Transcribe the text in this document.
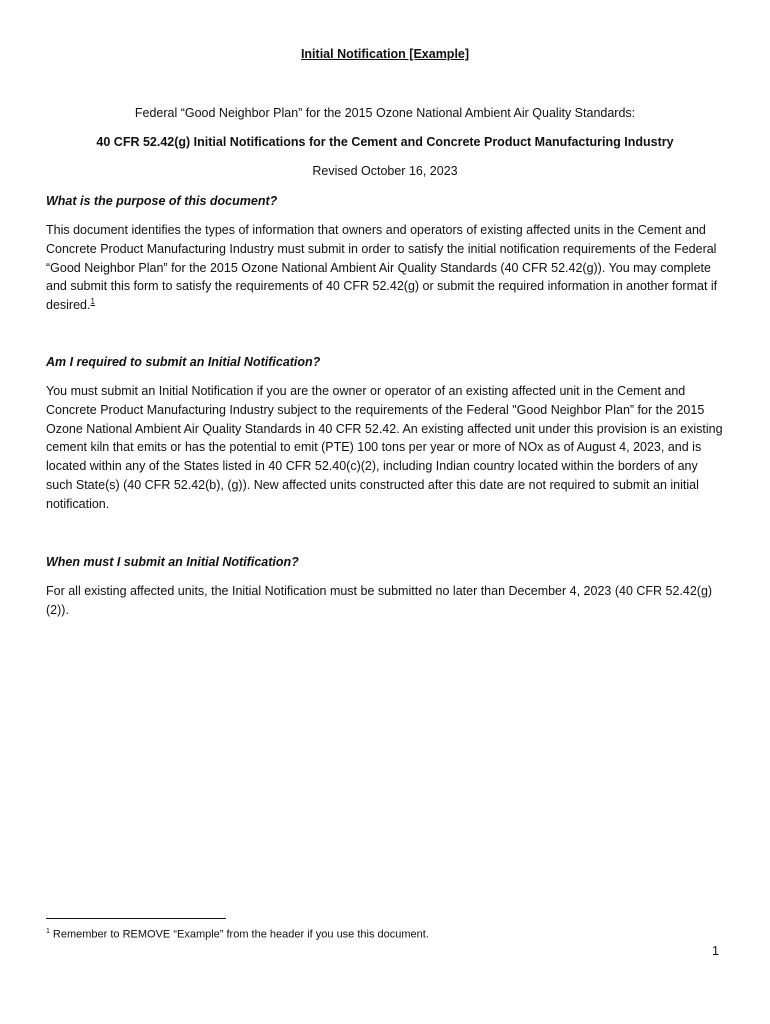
Initial Notification [Example]
Federal “Good Neighbor Plan” for the 2015 Ozone National Ambient Air Quality Standards:
40 CFR 52.42(g) Initial Notifications for the Cement and Concrete Product Manufacturing Industry
Revised October 16, 2023
What is the purpose of this document?
This document identifies the types of information that owners and operators of existing affected units in the Cement and Concrete Product Manufacturing Industry must submit in order to satisfy the initial notification requirements of the Federal “Good Neighbor Plan” for the 2015 Ozone National Ambient Air Quality Standards (40 CFR 52.42(g)). You may complete and submit this form to satisfy the requirements of 40 CFR 52.42(g) or submit the required information in another format if desired.$^1$
Am I required to submit an Initial Notification?
You must submit an Initial Notification if you are the owner or operator of an existing affected unit in the Cement and Concrete Product Manufacturing Industry subject to the requirements of the Federal "Good Neighbor Plan” for the 2015 Ozone National Ambient Air Quality Standards in 40 CFR 52.42. An existing affected unit under this provision is an existing cement kiln that emits or has the potential to emit (PTE) 100 tons per year or more of NOx as of August 4, 2023, and is located within any of the States listed in 40 CFR 52.40(c)(2), including Indian country located within the borders of any such State(s) (40 CFR 52.42(b), (g)). New affected units constructed after this date are not required to submit an initial notification.
When must I submit an Initial Notification?
For all existing affected units, the Initial Notification must be submitted no later than December 4, 2023 (40 CFR 52.42(g)(2)).
$^1$ Remember to REMOVE “Example” from the header if you use this document.
1
